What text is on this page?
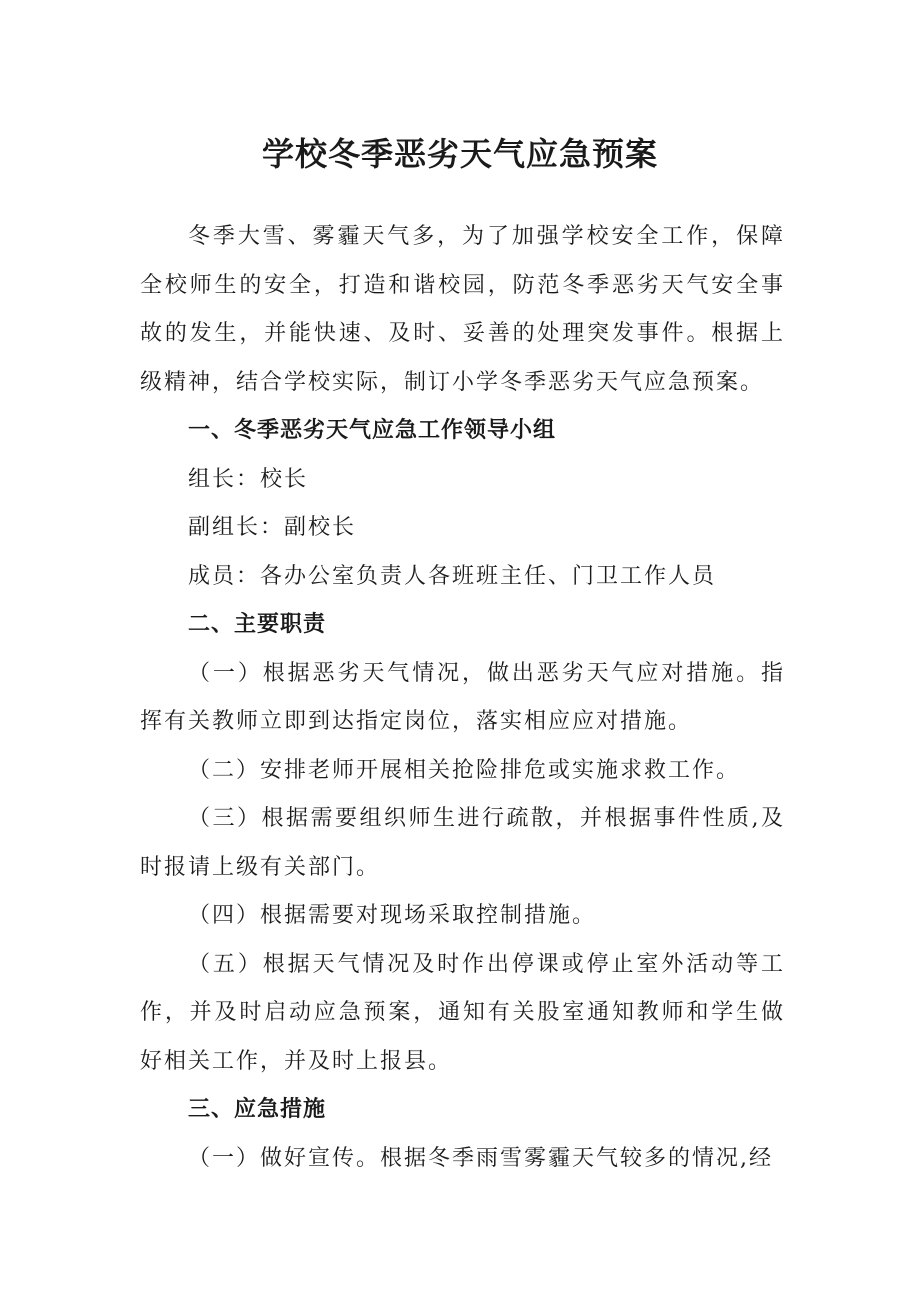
学校冬季恶劣天气应急预案

冬季大雪、雾霾天气多，为了加强学校安全工作，保障全校师生的安全，打造和谐校园，防范冬季恶劣天气安全事故的发生，并能快速、及时、妥善的处理突发事件。根据上级精神，结合学校实际，制订小学冬季恶劣天气应急预案。

一、冬季恶劣天气应急工作领导小组

组长：校长

副组长：副校长

成员：各办公室负责人各班班主任、门卫工作人员

二、主要职责

（一）根据恶劣天气情况，做出恶劣天气应对措施。指挥有关教师立即到达指定岗位，落实相应应对措施。

（二）安排老师开展相关抢险排危或实施求救工作。

（三）根据需要组织师生进行疏散，并根据事件性质,及时报请上级有关部门。

（四）根据需要对现场采取控制措施。

（五）根据天气情况及时作出停课或停止室外活动等工作，并及时启动应急预案，通知有关股室通知教师和学生做好相关工作，并及时上报县。

三、应急措施

（一）做好宣传。根据冬季雨雪雾霾天气较多的情况,经
